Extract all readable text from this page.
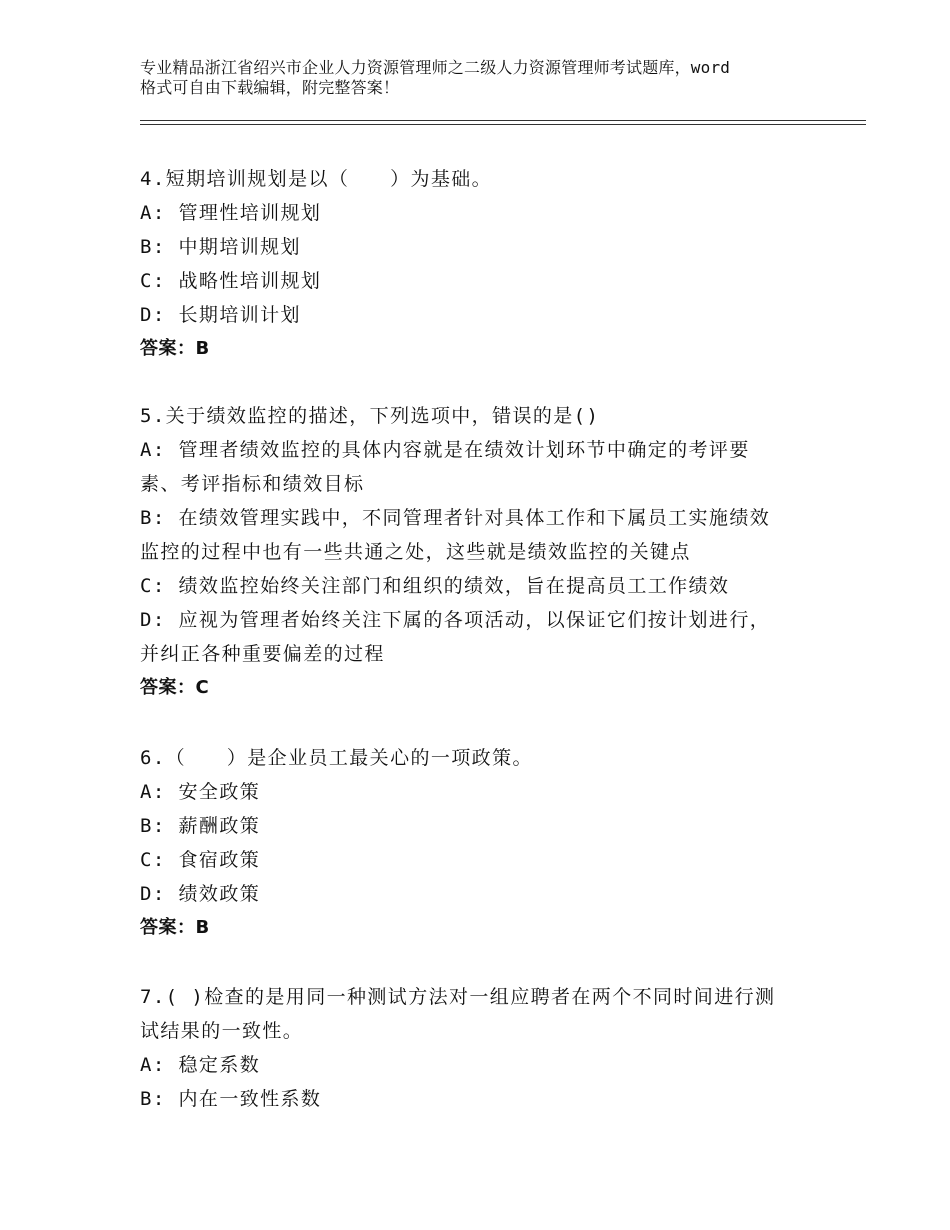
专业精品浙江省绍兴市企业人力资源管理师之二级人力资源管理师考试题库，word
格式可自由下载编辑，附完整答案！
4.短期培训规划是以（　　）为基础。
A: 管理性培训规划
B: 中期培训规划
C: 战略性培训规划
D: 长期培训计划
答案：B
5.关于绩效监控的描述，下列选项中，错误的是()
A: 管理者绩效监控的具体内容就是在绩效计划环节中确定的考评要
素、考评指标和绩效目标
B: 在绩效管理实践中，不同管理者针对具体工作和下属员工实施绩效
监控的过程中也有一些共通之处，这些就是绩效监控的关键点
C: 绩效监控始终关注部门和组织的绩效，旨在提高员工工作绩效
D: 应视为管理者始终关注下属的各项活动，以保证它们按计划进行，
并纠正各种重要偏差的过程
答案：C
6.（　　）是企业员工最关心的一项政策。
A: 安全政策
B: 薪酬政策
C: 食宿政策
D: 绩效政策
答案：B
7.( )检查的是用同一种测试方法对一组应聘者在两个不同时间进行测
试结果的一致性。
A: 稳定系数
B: 内在一致性系数
